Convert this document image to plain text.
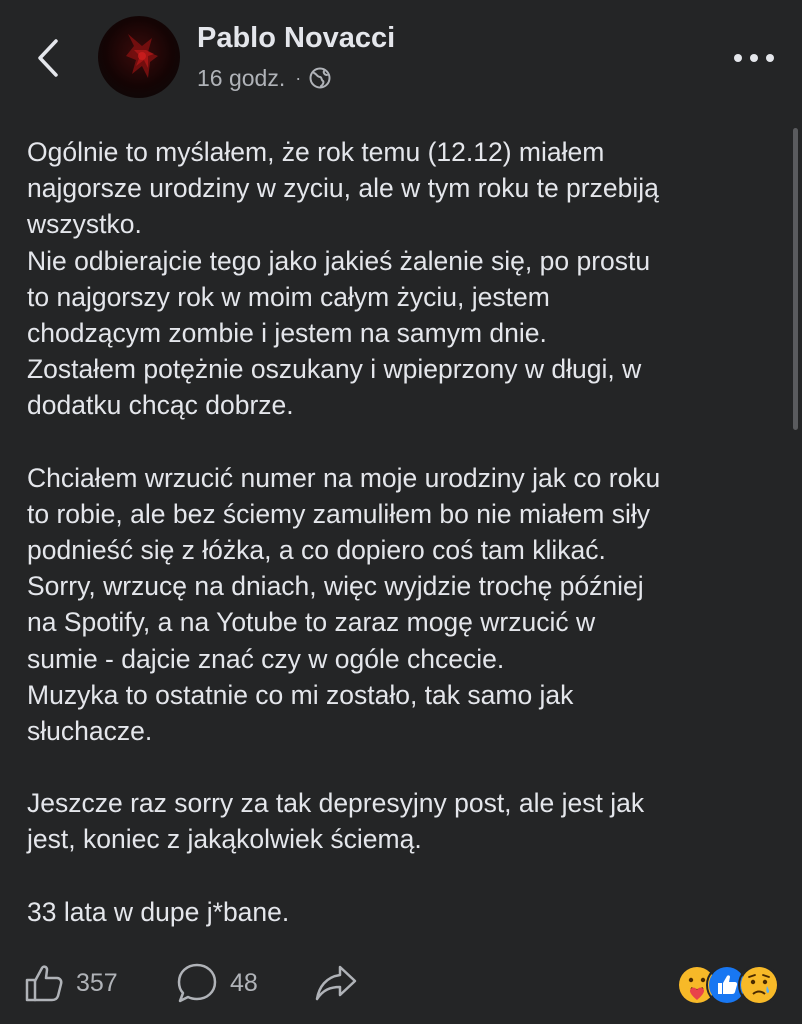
Pablo Novacci
16 godz. ·

Ogólnie to myślałem, że rok temu (12.12) miałem
najgorsze urodziny w zyciu, ale w tym roku te przebiją
wszystko.
Nie odbierajcie tego jako jakieś żalenie się, po prostu
to najgorszy rok w moim całym życiu, jestem
chodzącym zombie i jestem na samym dnie.
Zostałem potężnie oszukany i wpieprzony w długi, w
dodatku chcąc dobrze.

Chciałem wrzucić numer na moje urodziny jak co roku
to robie, ale bez ściemy zamuliłem bo nie miałem siły
podnieść się z łóżka, a co dopiero coś tam klikać.
Sorry, wrzucę na dniach, więc wyjdzie trochę później
na Spotify, a na Yotube to zaraz mogę wrzucić w
sumie - dajcie znać czy w ogóle chcecie.
Muzyka to ostatnie co mi zostało, tak samo jak
słuchacze.

Jeszcze raz sorry za tak depresyjny post, ale jest jak
jest, koniec z jakąkolwiek ściemą.

33 lata w dupe j*bane.

357	48
